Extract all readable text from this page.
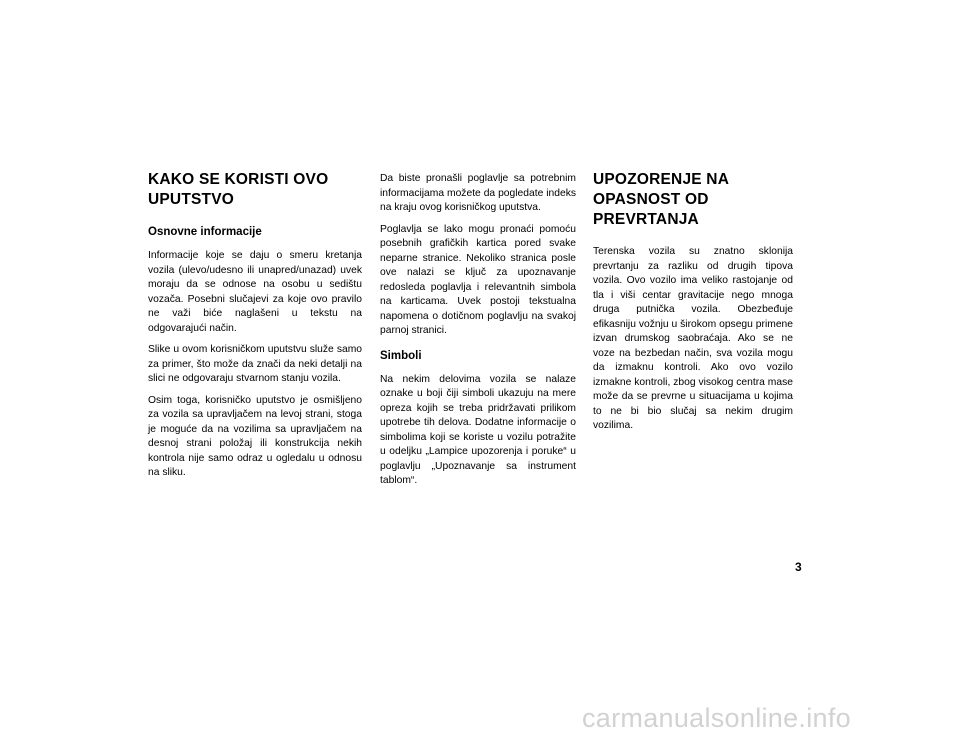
KAKO SE KORISTI OVO UPUTSTVO
Osnovne informacije

Informacije koje se daju o smeru kretanja vozila (ulevo/udesno ili unapred/unazad) uvek moraju da se odnose na osobu u sedištu vozača. Posebni slučajevi za koje ovo pravilo ne važi biće naglašeni u tekstu na odgovarajući način.

Slike u ovom korisničkom uputstvu služe samo za primer, što može da znači da neki detalji na slici ne odgovaraju stvarnom stanju vozila.

Osim toga, korisničko uputstvo je osmišljeno za vozila sa upravljačem na levoj strani, stoga je moguće da na vozilima sa upravljačem na desnoj strani položaj ili konstrukcija nekih kontrola nije samo odraz u ogledalu u odnosu na sliku.

Da biste pronašli poglavlje sa potrebnim informacijama možete da pogledate indeks na kraju ovog korisničkog uputstva.

Poglavlja se lako mogu pronaći pomoću posebnih grafičkih kartica pored svake neparne stranice. Nekoliko stranica posle ove nalazi se ključ za upoznavanje redosleda poglavlja i relevantnih simbola na karticama. Uvek postoji tekstualna napomena o dotičnom poglavlju na svakoj parnoj stranici.

Simboli

Na nekim delovima vozila se nalaze oznake u boji čiji simboli ukazuju na mere opreza kojih se treba pridržavati prilikom upotrebe tih delova. Dodatne informacije o simbolima koji se koriste u vozilu potražite u odeljku „Lampice upozorenja i poruke“ u poglavlju „Upoznavanje sa instrument tablom“.

UPOZORENJE NA OPASNOST OD PREVRTANJA

Terenska vozila su znatno sklonija prevrtanju za razliku od drugih tipova vozila. Ovo vozilo ima veliko rastojanje od tla i viši centar gravitacije nego mnoga druga putnička vozila. Obezbeđuje efikasniju vožnju u širokom opsegu primene izvan drumskog saobraćaja. Ako se ne voze na bezbedan način, sva vozila mogu da izmaknu kontroli. Ako ovo vozilo izmakne kontroli, zbog visokog centra mase može da se prevrne u situacijama u kojima to ne bi bio slučaj sa nekim drugim vozilima.

3
carmanualsonline.info
